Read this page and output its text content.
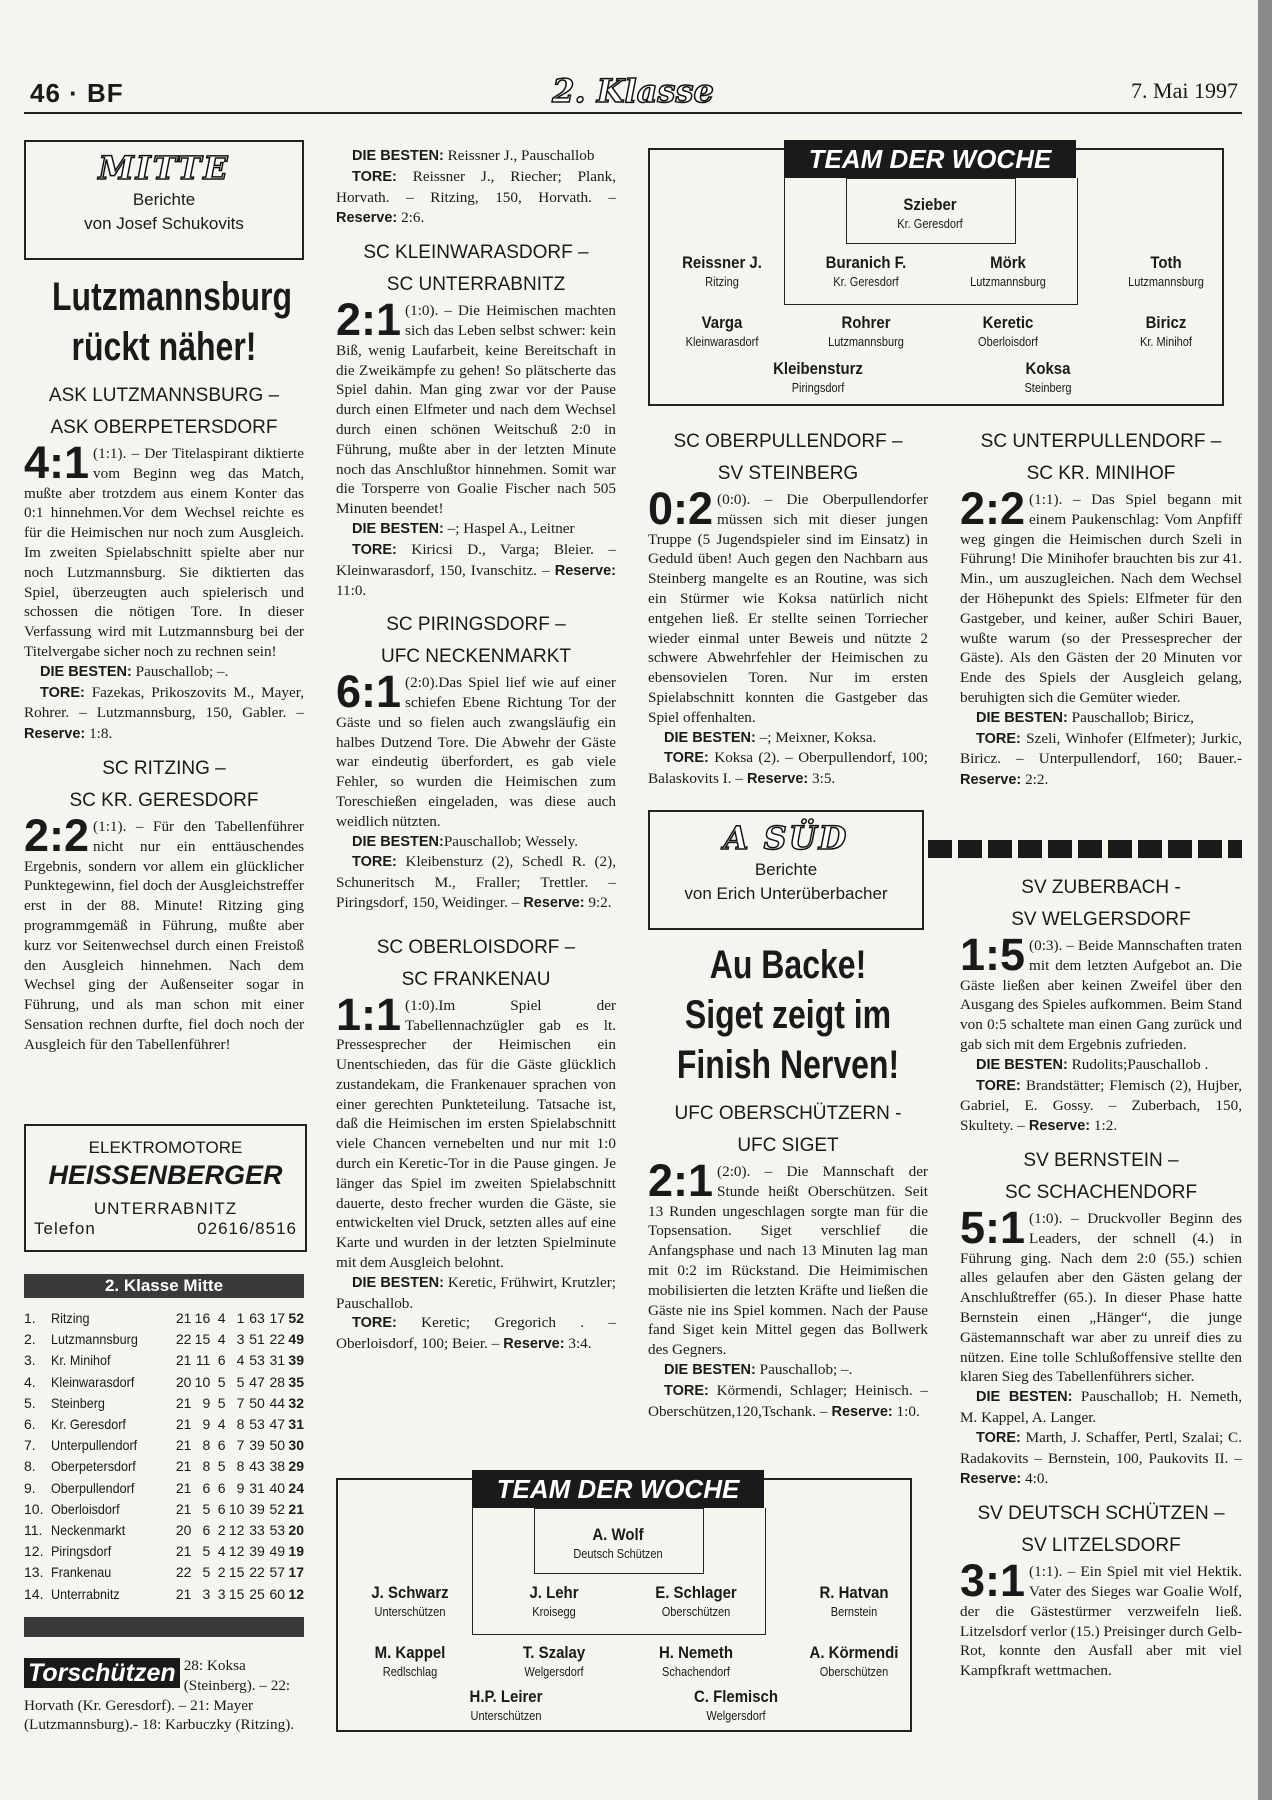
46 · BF	2. Klasse	7. Mai 1997
MITTE
Berichte
von Josef Schukovits
Lutzmannsburg rückt näher!
ASK LUTZMANNSBURG –
ASK OBERPETERSDORF

4:1 (1:1). – Der Titelaspirant diktierte vom Beginn weg das Match, mußte aber trotzdem aus einem Konter das 0:1 hinnehmen.Vor dem Wechsel reichte es für die Heimischen nur noch zum Ausgleich. Im zweiten Spielabschnitt spielte aber nur noch Lutzmannsburg. Sie diktierten das Spiel, überzeugten auch spielerisch und schossen die nötigen Tore. In dieser Verfassung wird mit Lutzmannsburg bei der Titelvergabe sicher noch zu rechnen sein!

DIE BESTEN: Pauschallob; –.

TORE: Fazekas, Prikoszovits M., Mayer, Rohrer. – Lutzmannsburg, 150, Gabler. – Reserve: 1:8.

SC RITZING –
SC KR. GERESDORF

2:2 (1:1). – Für den Tabellenführer nicht nur ein enttäuschendes Ergebnis, sondern vor allem ein glücklicher Punktegewinn, fiel doch der Ausgleichstreffer erst in der 88. Minute! Ritzing ging programmgemäß in Führung, mußte aber kurz vor Seitenwechsel durch einen Freistoß den Ausgleich hinnehmen. Nach dem Wechsel ging der Außenseiter sogar in Führung, und als man schon mit einer Sensation rechnen durfte, fiel doch noch der Ausgleich für den Tabellenführer!

ELEKTROMOTORE
HEISSENBERGER
UNTERRABNITZ
02616/8516
Telefon
2. Klasse Mitte
1.	Ritzing	21	16	4	1	63	17	52
2.	Lutzmannsburg	22	15	4	3	51	22	49
3.	Kr. Minihof	21	11	6	4	53	31	39
4.	Kleinwarasdorf	20	10	5	5	47	28	35
5.	Steinberg	21	9	5	7	50	44	32
6.	Kr. Geresdorf	21	9	4	8	53	47	31
7.	Unterpullendorf	21	8	6	7	39	50	30
8.	Oberpetersdorf	21	8	5	8	43	38	29
9.	Oberpullendorf	21	6	6	9	31	40	24
10.	Oberloisdorf	21	5	6	10	39	52	21
11.	Neckenmarkt	20	6	2	12	33	53	20
12.	Piringsdorf	21	5	4	12	39	49	19
13.	Frankenau	22	5	2	15	22	57	17
14.	Unterrabnitz	21	3	3	15	25	60	12
Torschützen 28: Koksa (Steinberg). – 22: Horvath (Kr. Geresdorf). – 21: Mayer (Lutzmannsburg).- 18: Karbuczky (Ritzing).

DIE BESTEN: Reissner J., Pauschallob

TORE: Reissner J., Riecher; Plank, Horvath. – Ritzing, 150, Horvath. – Reserve: 2:6.

SC KLEINWARASDORF –
SC UNTERRABNITZ

2:1 (1:0). – Die Heimischen machten sich das Leben selbst schwer: kein Biß, wenig Laufarbeit, keine Bereitschaft in die Zweikämpfe zu gehen! So plätscherte das Spiel dahin. Man ging zwar vor der Pause durch einen Elfmeter und nach dem Wechsel durch einen schönen Weitschuß 2:0 in Führung, mußte aber in der letzten Minute noch das Anschlußtor hinnehmen. Somit war die Torsperre von Goalie Fischer nach 505 Minuten beendet!

DIE BESTEN: –; Haspel A., Leitner

TORE: Kiricsi D., Varga; Bleier. – Kleinwarasdorf, 150, Ivanschitz. – Reserve: 11:0.

SC PIRINGSDORF –
UFC NECKENMARKT

6:1 (2:0).Das Spiel lief wie auf einer schiefen Ebene Richtung Tor der Gäste und so fielen auch zwangsläufig ein halbes Dutzend Tore. Die Abwehr der Gäste war eindeutig überfordert, es gab viele Fehler, so wurden die Heimischen zum Toreschießen eingeladen, was diese auch weidlich nützten.

DIE BESTEN:Pauschallob; Wessely.

TORE: Kleibensturz (2), Schedl R. (2), Schuneritsch M., Fraller; Trettler. – Piringsdorf, 150, Weidinger. – Reserve: 9:2.

SC OBERLOISDORF –
SC FRANKENAU

1:1 (1:0).Im Spiel der Tabellennachzügler gab es lt. Pressesprecher der Heimischen ein Unentschieden, das für die Gäste glücklich zustandekam, die Frankenauer sprachen von einer gerechten Punkteteilung. Tatsache ist, daß die Heimischen im ersten Spielabschnitt viele Chancen vernebelten und nur mit 1:0 durch ein Keretic-Tor in die Pause gingen. Je länger das Spiel im zweiten Spielabschnitt dauerte, desto frecher wurden die Gäste, sie entwickelten viel Druck, setzten alles auf eine Karte und wurden in der letzten Spielminute mit dem Ausgleich belohnt.

DIE BESTEN: Keretic, Frühwirt, Krutzler; Pauschallob.

TORE: Keretic; Gregorich . – Oberloisdorf, 100; Beier. – Reserve: 3:4.

TEAM DER WOCHE
Szieber
Kr. Geresdorf
Reissner J.
Ritzing
Buranich F.
Kr. Geresdorf
Mörk
Lutzmannsburg
Toth
Lutzmannsburg
Varga
Kleinwarasdorf
Rohrer
Lutzmannsburg
Keretic
Oberloisdorf
Biricz
Kr. Minihof
Kleibensturz
Piringsdorf
Koksa
Steinberg
SC OBERPULLENDORF –
SV STEINBERG

0:2 (0:0). – Die Oberpullendorfer müssen sich mit dieser jungen Truppe (5 Jugendspieler sind im Einsatz) in Geduld üben! Auch gegen den Nachbarn aus Steinberg mangelte es an Routine, was sich ein Stürmer wie Koksa natürlich nicht entgehen ließ. Er stellte seinen Torriecher wieder einmal unter Beweis und nützte 2 schwere Abwehrfehler der Heimischen zu ebensovielen Toren. Nur im ersten Spielabschnitt konnten die Gastgeber das Spiel offenhalten.

DIE BESTEN: –; Meixner, Koksa.

TORE: Koksa (2). – Oberpullendorf, 100; Balaskovits I. – Reserve: 3:5.

A SÜD
Berichte
von Erich Unterüberbacher
Au Backe! Siget zeigt im Finish Nerven!
UFC OBERSCHÜTZERN -
UFC SIGET

2:1 (2:0). – Die Mannschaft der Stunde heißt Oberschützen. Seit 13 Runden ungeschlagen sorgte man für die Topsensation. Siget verschlief die Anfangsphase und nach 13 Minuten lag man mit 0:2 im Rückstand. Die Heimimischen mobilisierten die letzten Kräfte und ließen die Gäste nie ins Spiel kommen. Nach der Pause fand Siget kein Mittel gegen das Bollwerk des Gegners.

DIE BESTEN: Pauschallob; –.

TORE: Körmendi, Schlager; Heinisch. – Oberschützen,120,Tschank. – Reserve: 1:0.

SC UNTERPULLENDORF –
SC KR. MINIHOF

2:2 (1:1). – Das Spiel begann mit einem Paukenschlag: Vom Anpfiff weg gingen die Heimischen durch Szeli in Führung! Die Minihofer brauchten bis zur 41. Min., um auszugleichen. Nach dem Wechsel der Höhepunkt des Spiels: Elfmeter für den Gastgeber, und keiner, außer Schiri Bauer, wußte warum (so der Pressesprecher der Gäste). Als den Gästen der 20 Minuten vor Ende des Spiels der Ausgleich gelang, beruhigten sich die Gemüter wieder.

DIE BESTEN: Pauschallob; Biricz,

TORE: Szeli, Winhofer (Elfmeter); Jurkic, Biricz. – Unterpullendorf, 160; Bauer.- Reserve: 2:2.

SV ZUBERBACH -
SV WELGERSDORF

1:5 (0:3). – Beide Mannschaften traten mit dem letzten Aufgebot an. Die Gäste ließen aber keinen Zweifel über den Ausgang des Spieles aufkommen. Beim Stand von 0:5 schaltete man einen Gang zurück und gab sich mit dem Ergebnis zufrieden.

DIE BESTEN: Rudolits;Pauschallob .

TORE: Brandstätter; Flemisch (2), Hujber, Gabriel, E. Gossy. – Zuberbach, 150, Skultety. – Reserve: 1:2.

SV BERNSTEIN –
SC SCHACHENDORF

5:1 (1:0). – Druckvoller Beginn des Leaders, der schnell (4.) in Führung ging. Nach dem 2:0 (55.) schien alles gelaufen aber den Gästen gelang der Anschlußtreffer (65.). In dieser Phase hatte Bernstein einen „Hänger“, die junge Gästemannschaft war aber zu unreif dies zu nützen. Eine tolle Schlußoffensive stellte den klaren Sieg des Tabellenführers sicher.

DIE BESTEN: Pauschallob; H. Nemeth, M. Kappel, A. Langer.

TORE: Marth, J. Schaffer, Pertl, Szalai; C. Radakovits – Bernstein, 100, Paukovits II. – Reserve: 4:0.

SV DEUTSCH SCHÜTZEN –
SV LITZELSDORF

3:1 (1:1). – Ein Spiel mit viel Hektik. Vater des Sieges war Goalie Wolf, der die Gästestürmer verzweifeln ließ. Litzelsdorf verlor (15.) Preisinger durch Gelb-Rot, konnte den Ausfall aber mit viel Kampfkraft wettmachen.

TEAM DER WOCHE
A. Wolf
Deutsch Schützen
J. Schwarz
Unterschützen
J. Lehr
Kroisegg
E. Schlager
Oberschützen
R. Hatvan
Bernstein
M. Kappel
Redlschlag
T. Szalay
Welgersdorf
H. Nemeth
Schachendorf
A. Körmendi
Oberschützen
H.P. Leirer
Unterschützen
C. Flemisch
Welgersdorf
